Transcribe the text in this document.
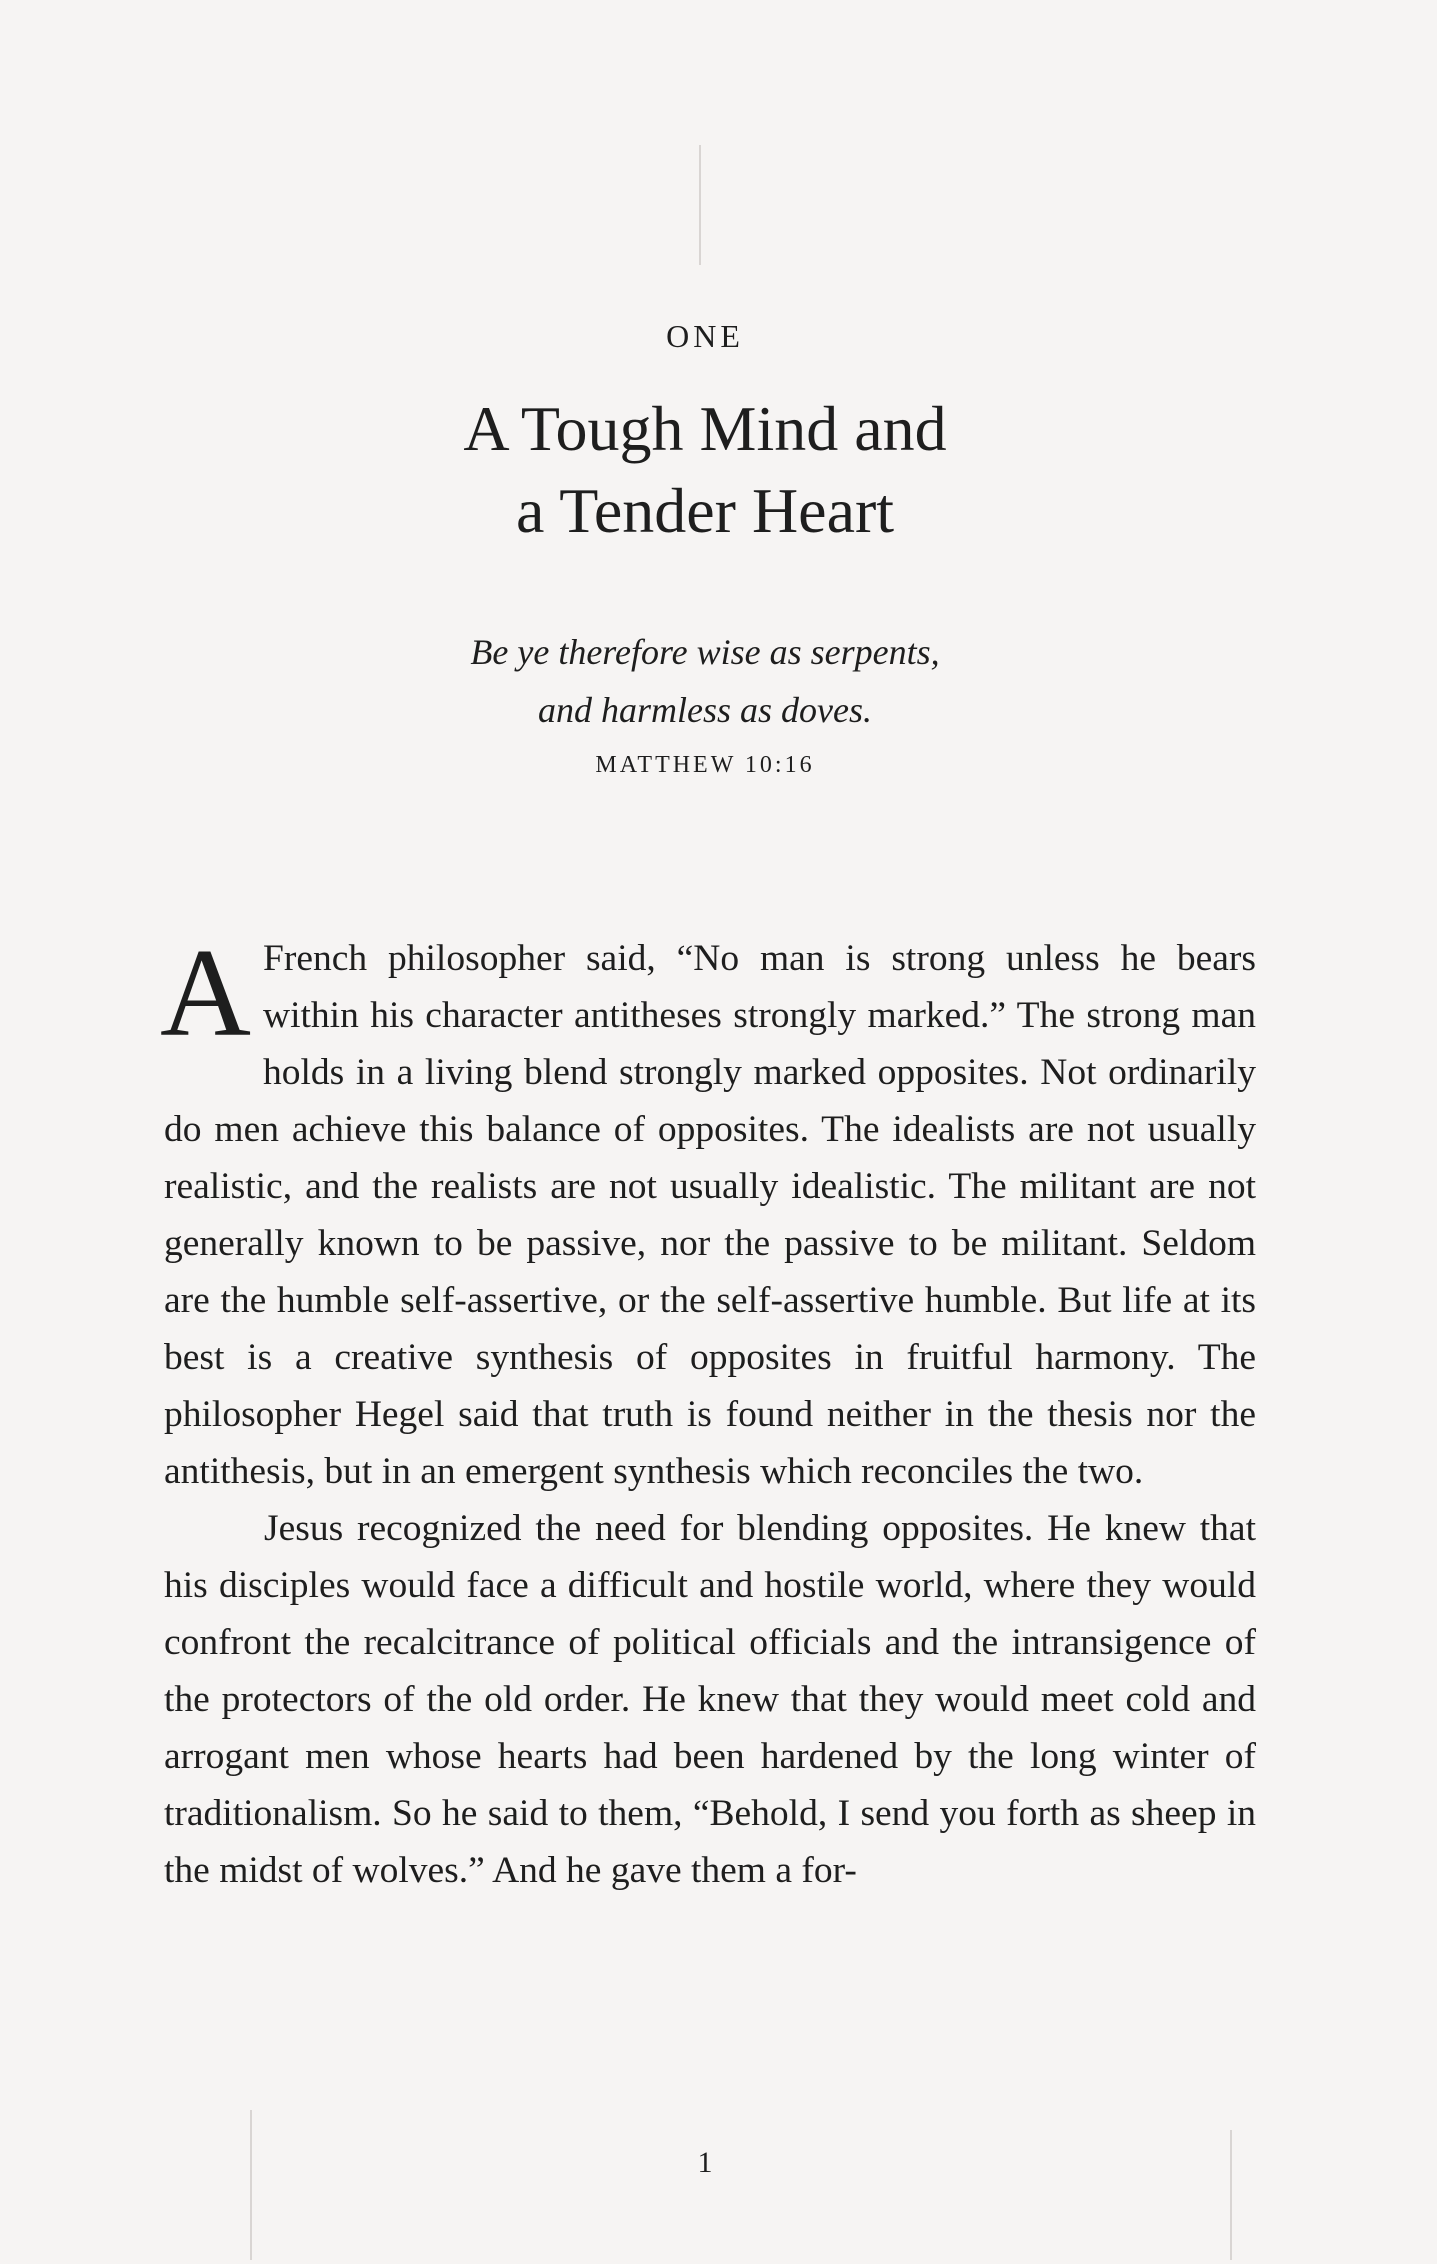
ONE
A Tough Mind and
a Tender Heart
Be ye therefore wise as serpents,
and harmless as doves.
MATTHEW 10:16

A French philosopher said, “No man is strong unless he bears within his character antitheses strongly marked.” The strong man holds in a living blend strongly marked opposites. Not ordinarily do men achieve this balance of opposites. The idealists are not usually realistic, and the realists are not usually idealistic. The militant are not generally known to be passive, nor the passive to be militant. Seldom are the humble self-assertive, or the self-assertive humble. But life at its best is a creative synthesis of opposites in fruitful harmony. The philosopher Hegel said that truth is found neither in the thesis nor the antithesis, but in an emergent synthesis which reconciles the two.

Jesus recognized the need for blending opposites. He knew that his disciples would face a difficult and hostile world, where they would confront the recalcitrance of political officials and the intransigence of the protectors of the old order. He knew that they would meet cold and arrogant men whose hearts had been hardened by the long winter of traditionalism. So he said to them, “Behold, I send you forth as sheep in the midst of wolves.” And he gave them a for-

1
